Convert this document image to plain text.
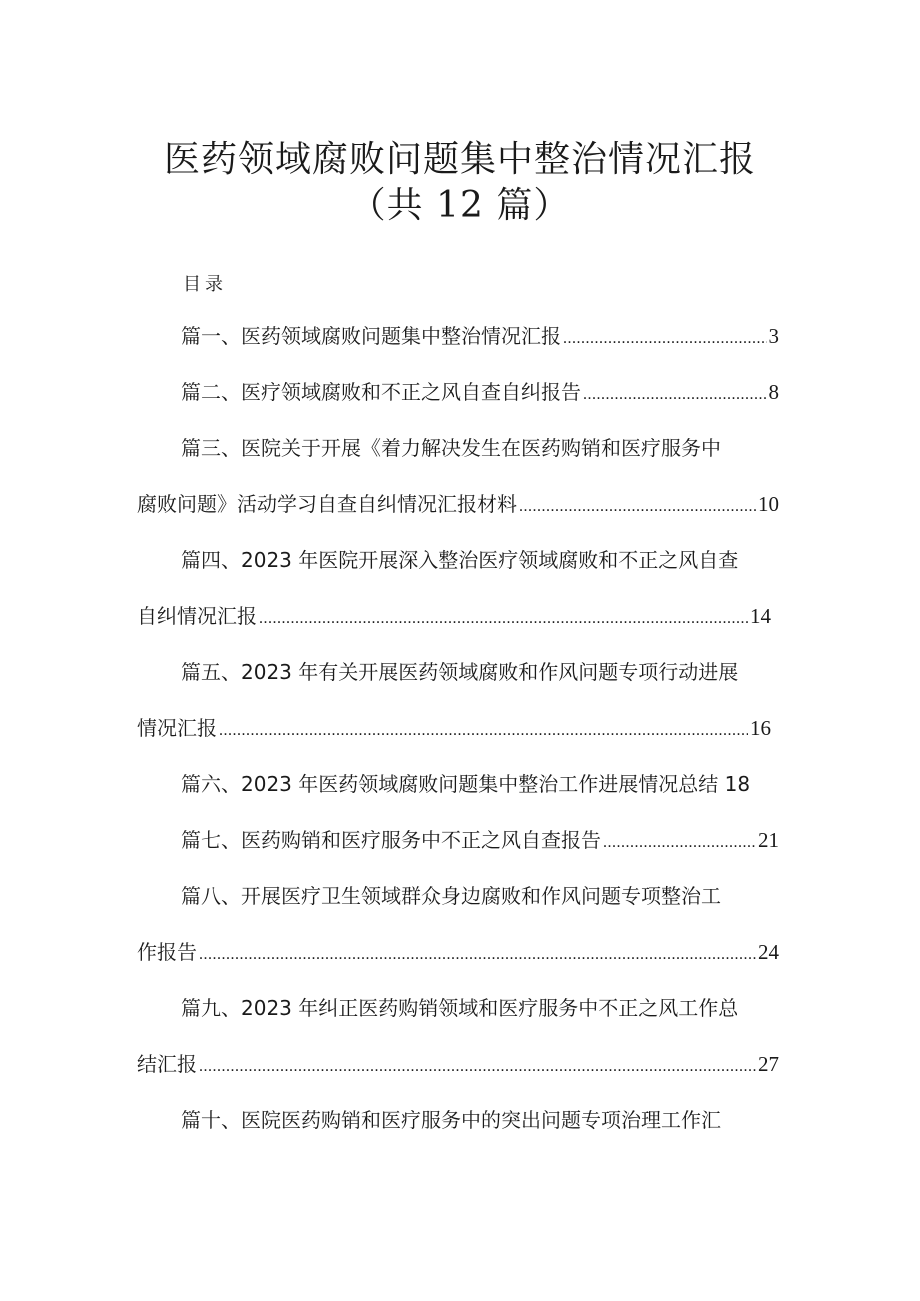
医药领域腐败问题集中整治情况汇报
（共 12 篇）
目录
篇一、医药领域腐败问题集中整治情况汇报 .....	3
篇二、医疗领域腐败和不正之风自查自纠报告 .....	8
篇三、医院关于开展《着力解决发生在医药购销和医疗服务中
腐败问题》活动学习自查自纠情况汇报材料 .....	10
篇四、2023 年医院开展深入整治医疗领域腐败和不正之风自查
自纠情况汇报 .....	14
篇五、2023 年有关开展医药领域腐败和作风问题专项行动进展
情况汇报 .....	16
篇六、2023 年医药领域腐败问题集中整治工作进展情况总结 18
篇七、医药购销和医疗服务中不正之风自查报告 .....	21
篇八、开展医疗卫生领域群众身边腐败和作风问题专项整治工
作报告 .....	24
篇九、2023 年纠正医药购销领域和医疗服务中不正之风工作总
结汇报 .....	27
篇十、医院医药购销和医疗服务中的突出问题专项治理工作汇
